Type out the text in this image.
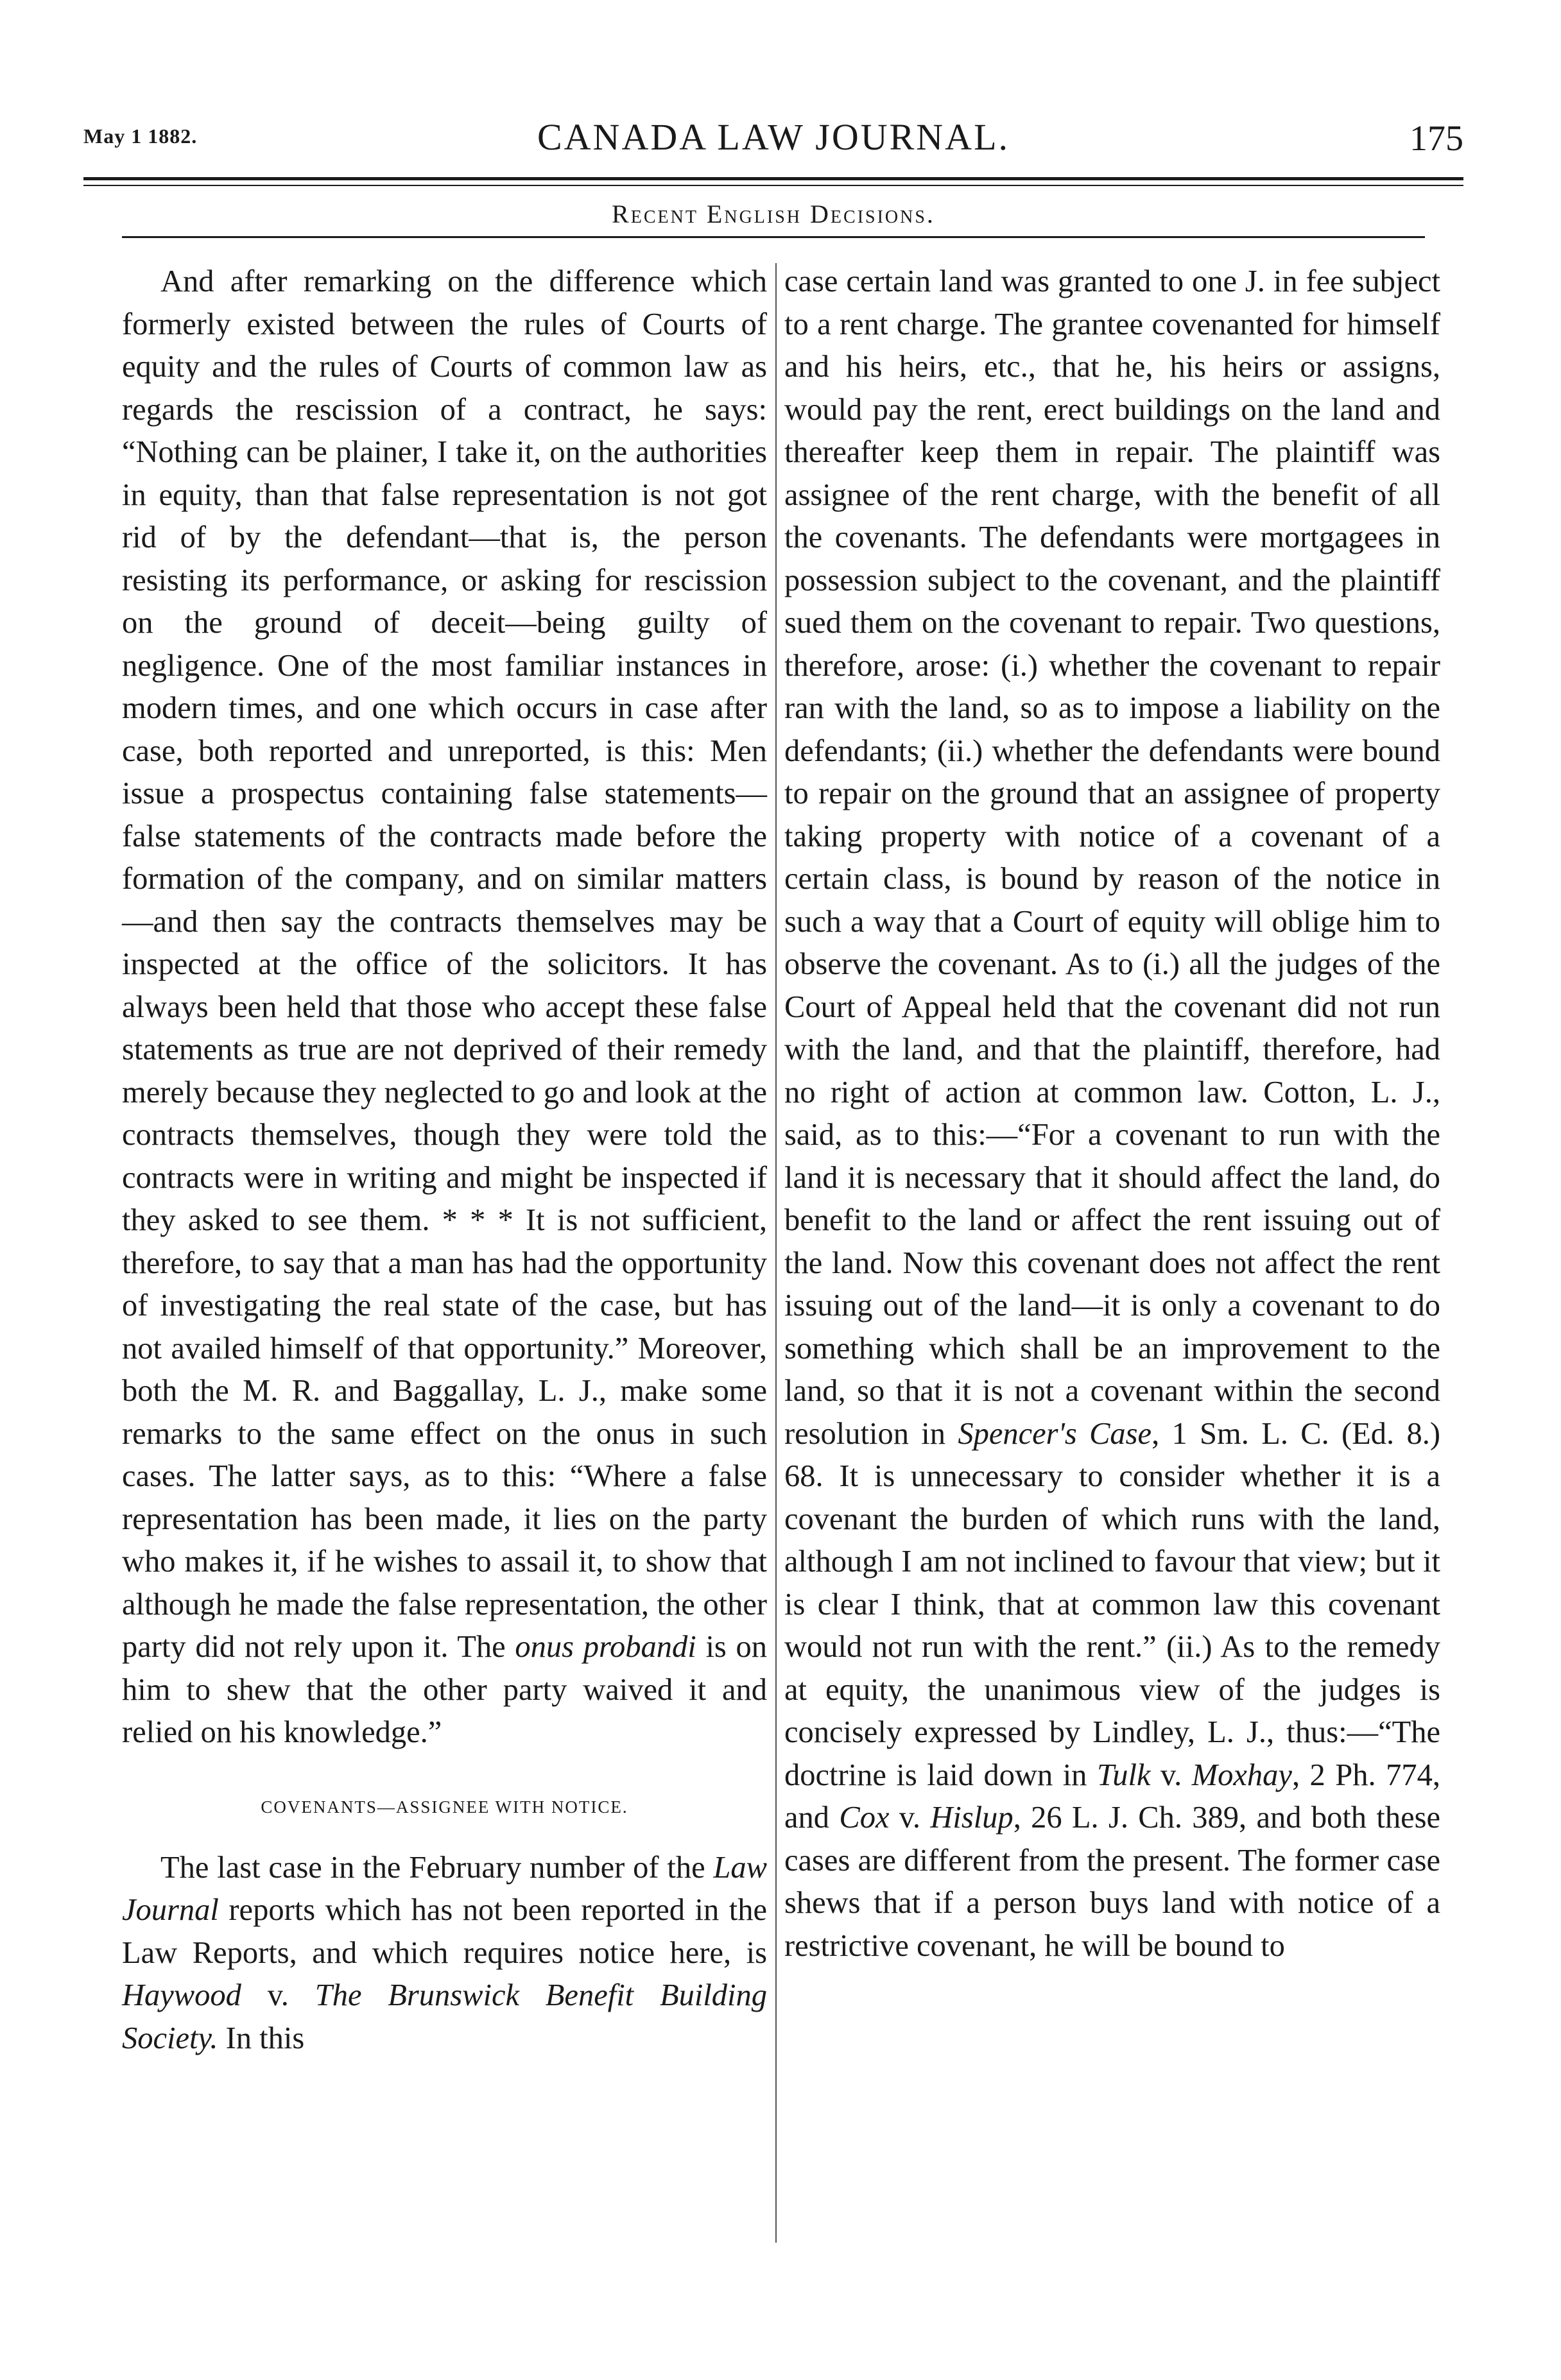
May 1 1882.	CANADA LAW JOURNAL.	175
Recent English Decisions.

And after remarking on the difference which formerly existed between the rules of Courts of equity and the rules of Courts of common law as regards the rescission of a contract, he says: “Nothing can be plainer, I take it, on the authorities in equity, than that false representation is not got rid of by the defendant—that is, the person resisting its performance, or asking for rescission on the ground of deceit—being guilty of negligence. One of the most familiar instances in modern times, and one which occurs in case after case, both reported and unreported, is this: Men issue a prospectus containing false statements—false statements of the contracts made before the formation of the company, and on similar matters—and then say the contracts themselves may be inspected at the office of the solicitors. It has always been held that those who accept these false statements as true are not deprived of their remedy merely because they neglected to go and look at the contracts themselves, though they were told the contracts were in writing and might be inspected if they asked to see them. * * * It is not sufficient, therefore, to say that a man has had the opportunity of investigating the real state of the case, but has not availed himself of that opportunity.” Moreover, both the M. R. and Baggallay, L. J., make some remarks to the same effect on the onus in such cases. The latter says, as to this: “Where a false representation has been made, it lies on the party who makes it, if he wishes to assail it, to show that although he made the false representation, the other party did not rely upon it. The onus probandi is on him to shew that the other party waived it and relied on his knowledge.”

COVENANTS—ASSIGNEE WITH NOTICE.

The last case in the February number of the Law Journal reports which has not been reported in the Law Reports, and which requires notice here, is Haywood v. The Brunswick Benefit Building Society. In this

case certain land was granted to one J. in fee subject to a rent charge. The grantee covenanted for himself and his heirs, etc., that he, his heirs or assigns, would pay the rent, erect buildings on the land and thereafter keep them in repair. The plaintiff was assignee of the rent charge, with the benefit of all the covenants. The defendants were mortgagees in possession subject to the covenant, and the plaintiff sued them on the covenant to repair. Two questions, therefore, arose: (i.) whether the covenant to repair ran with the land, so as to impose a liability on the defendants; (ii.) whether the defendants were bound to repair on the ground that an assignee of property taking property with notice of a covenant of a certain class, is bound by reason of the notice in such a way that a Court of equity will oblige him to observe the covenant. As to (i.) all the judges of the Court of Appeal held that the covenant did not run with the land, and that the plaintiff, therefore, had no right of action at common law. Cotton, L. J., said, as to this:—“For a covenant to run with the land it is necessary that it should affect the land, do benefit to the land or affect the rent issuing out of the land. Now this covenant does not affect the rent issuing out of the land—it is only a covenant to do something which shall be an improvement to the land, so that it is not a covenant within the second resolution in Spencer's Case, 1 Sm. L. C. (Ed. 8.) 68. It is unnecessary to consider whether it is a covenant the burden of which runs with the land, although I am not inclined to favour that view; but it is clear I think, that at common law this covenant would not run with the rent.” (ii.) As to the remedy at equity, the unanimous view of the judges is concisely expressed by Lindley, L. J., thus:—“The doctrine is laid down in Tulk v. Moxhay, 2 Ph. 774, and Cox v. Hislup, 26 L. J. Ch. 389, and both these cases are different from the present. The former case shews that if a person buys land with notice of a restrictive covenant, he will be bound to
